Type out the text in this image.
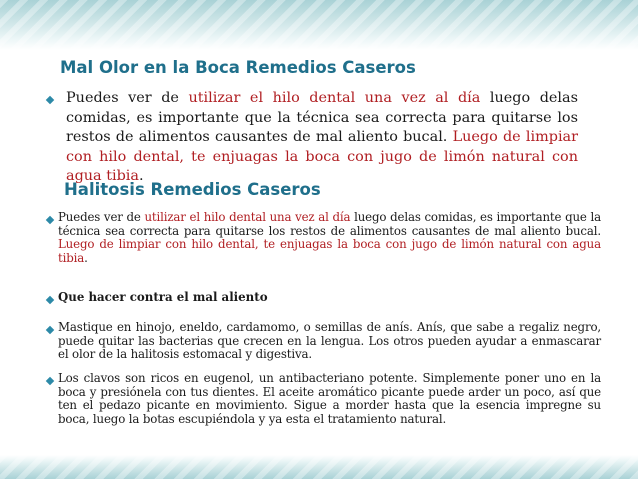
Mal Olor en la Boca Remedios Caseros

Puedes ver de utilizar el hilo dental una vez al día luego delas comidas, es importante que la técnica sea correcta para quitarse los restos de alimentos causantes de mal aliento bucal. Luego de limpiar con hilo dental, te enjuagas la boca con jugo de limón natural con agua tibia.

Halitosis Remedios Caseros

Puedes ver de utilizar el hilo dental una vez al día luego delas comidas, es importante que la técnica sea correcta para quitarse los restos de alimentos causantes de mal aliento bucal. Luego de limpiar con hilo dental, te enjuagas la boca con jugo de limón natural con agua tibia.

Que hacer contra el mal aliento

Mastique en hinojo, eneldo, cardamomo, o semillas de anís. Anís, que sabe a regaliz negro, puede quitar las bacterias que crecen en la lengua. Los otros pueden ayudar a enmascarar el olor de la halitosis estomacal y digestiva.

Los clavos son ricos en eugenol, un antibacteriano potente. Simplemente poner uno en la boca y presiónela con tus dientes. El aceite aromático picante puede arder un poco, así que ten el pedazo picante en movimiento. Sigue a morder hasta que la esencia impregne su boca, luego la botas escupiéndola y ya esta el tratamiento natural.
